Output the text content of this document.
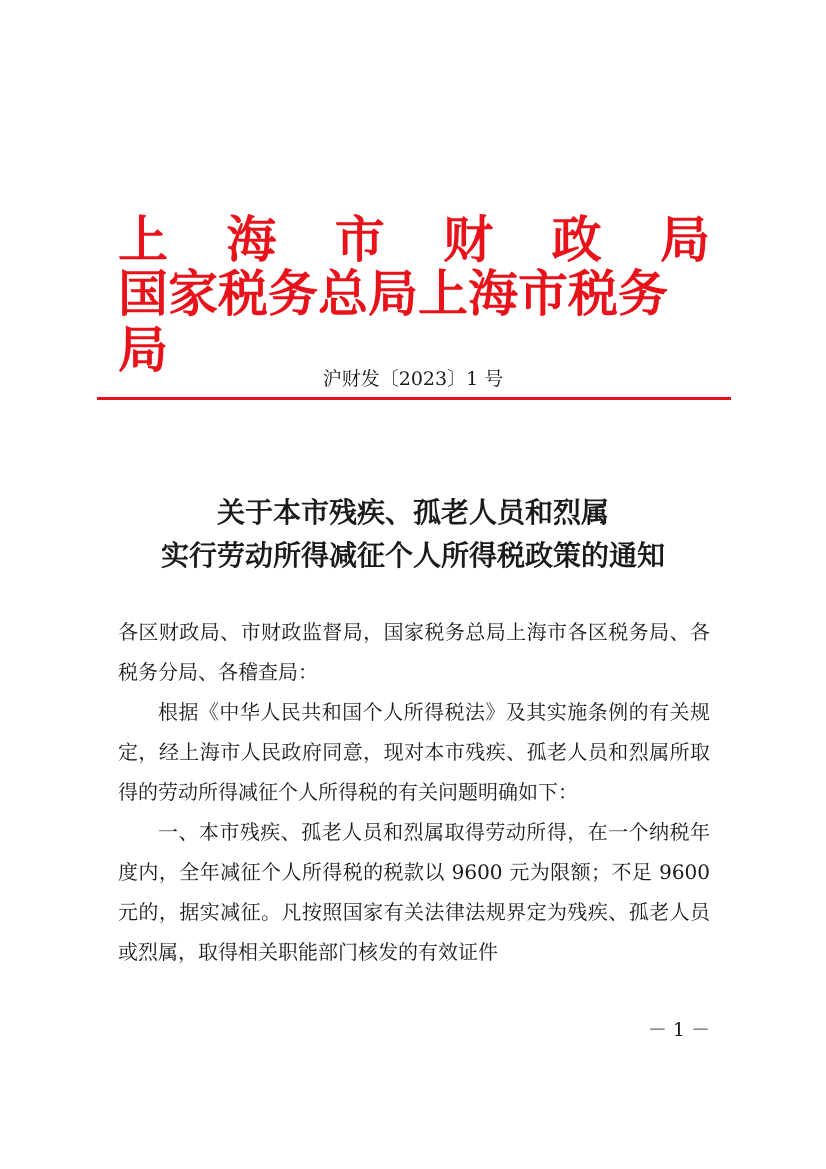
上 海 市 财 政 局
国家税务总局上海市税务局	沪财发〔2023〕1 号
关于本市残疾、孤老人员和烈属
实行劳动所得减征个人所得税政策的通知

各区财政局、市财政监督局，国家税务总局上海市各区税务局、各税务分局、各稽查局：

根据《中华人民共和国个人所得税法》及其实施条例的有关规定，经上海市人民政府同意，现对本市残疾、孤老人员和烈属所取得的劳动所得减征个人所得税的有关问题明确如下：

一、本市残疾、孤老人员和烈属取得劳动所得，在一个纳税年度内，全年减征个人所得税的税款以 9600 元为限额；不足 9600 元的，据实减征。凡按照国家有关法律法规界定为残疾、孤老人员或烈属，取得相关职能部门核发的有效证件

－ 1 －
